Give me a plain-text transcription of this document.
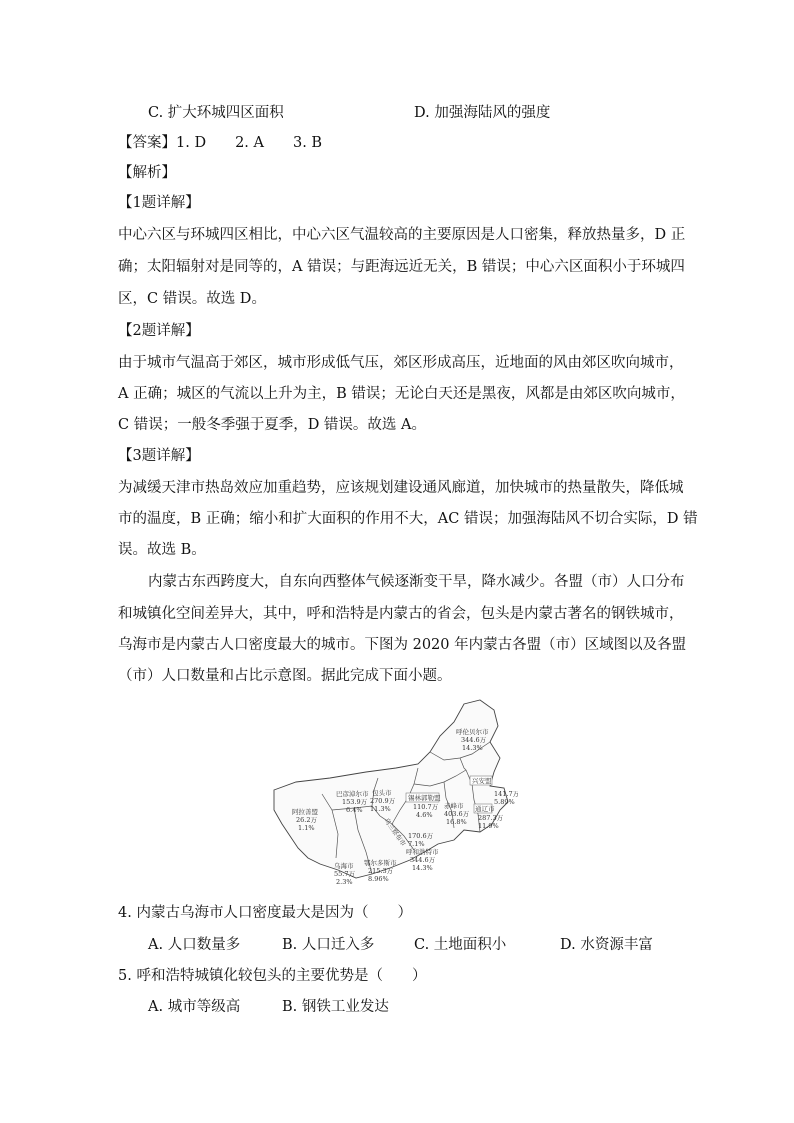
C. 扩大环城四区面积	D. 加强海陆风的强度
【答案】1. D　　2. A　　3. B
【解析】
【1题详解】
中心六区与环城四区相比，中心六区气温较高的主要原因是人口密集，释放热量多，D 正
确；太阳辐射对是同等的，A 错误；与距海远近无关，B 错误；中心六区面积小于环城四
区，C 错误。故选 D。
【2题详解】
由于城市气温高于郊区，城市形成低气压，郊区形成高压，近地面的风由郊区吹向城市，
A 正确；城区的气流以上升为主，B 错误；无论白天还是黑夜，风都是由郊区吹向城市，
C 错误；一般冬季强于夏季，D 错误。故选 A。
【3题详解】
为减缓天津市热岛效应加重趋势，应该规划建设通风廊道，加快城市的热量散失，降低城
市的温度，B 正确；缩小和扩大面积的作用不大，AC 错误；加强海陆风不切合实际，D 错
误。故选 B。
内蒙古东西跨度大，自东向西整体气候逐渐变干旱，降水减少。各盟（市）人口分布
和城镇化空间差异大，其中，呼和浩特是内蒙古的省会，包头是内蒙古著名的钢铁城市，
乌海市是内蒙古人口密度最大的城市。下图为 2020 年内蒙古各盟（市）区域图以及各盟
（市）人口数量和占比示意图。据此完成下面小题。
呼伦贝尔市
344.6万
14.3%
兴安盟
141.7万
5.89%
通辽市
287.3万
11.9%
赤峰市
403.6万
16.8%
锡林郭勒盟
110.7万
4.6%
乌兰察布市 170.6万
7.1%
呼和浩特市
344.6万
14.3%
包头市
270.9万
11.3%
巴彦淖尔市
153.9万
6.4%
阿拉善盟
26.2万
1.1%
乌海市
55.7万
2.3%
鄂尔多斯市
215.3万
8.96%
4. 内蒙古乌海市人口密度最大是因为（　　）
A. 人口数量多	B. 人口迁入多	C. 土地面积小	D. 水资源丰富
5. 呼和浩特城镇化较包头的主要优势是（　　）
A. 城市等级高	B. 钢铁工业发达
